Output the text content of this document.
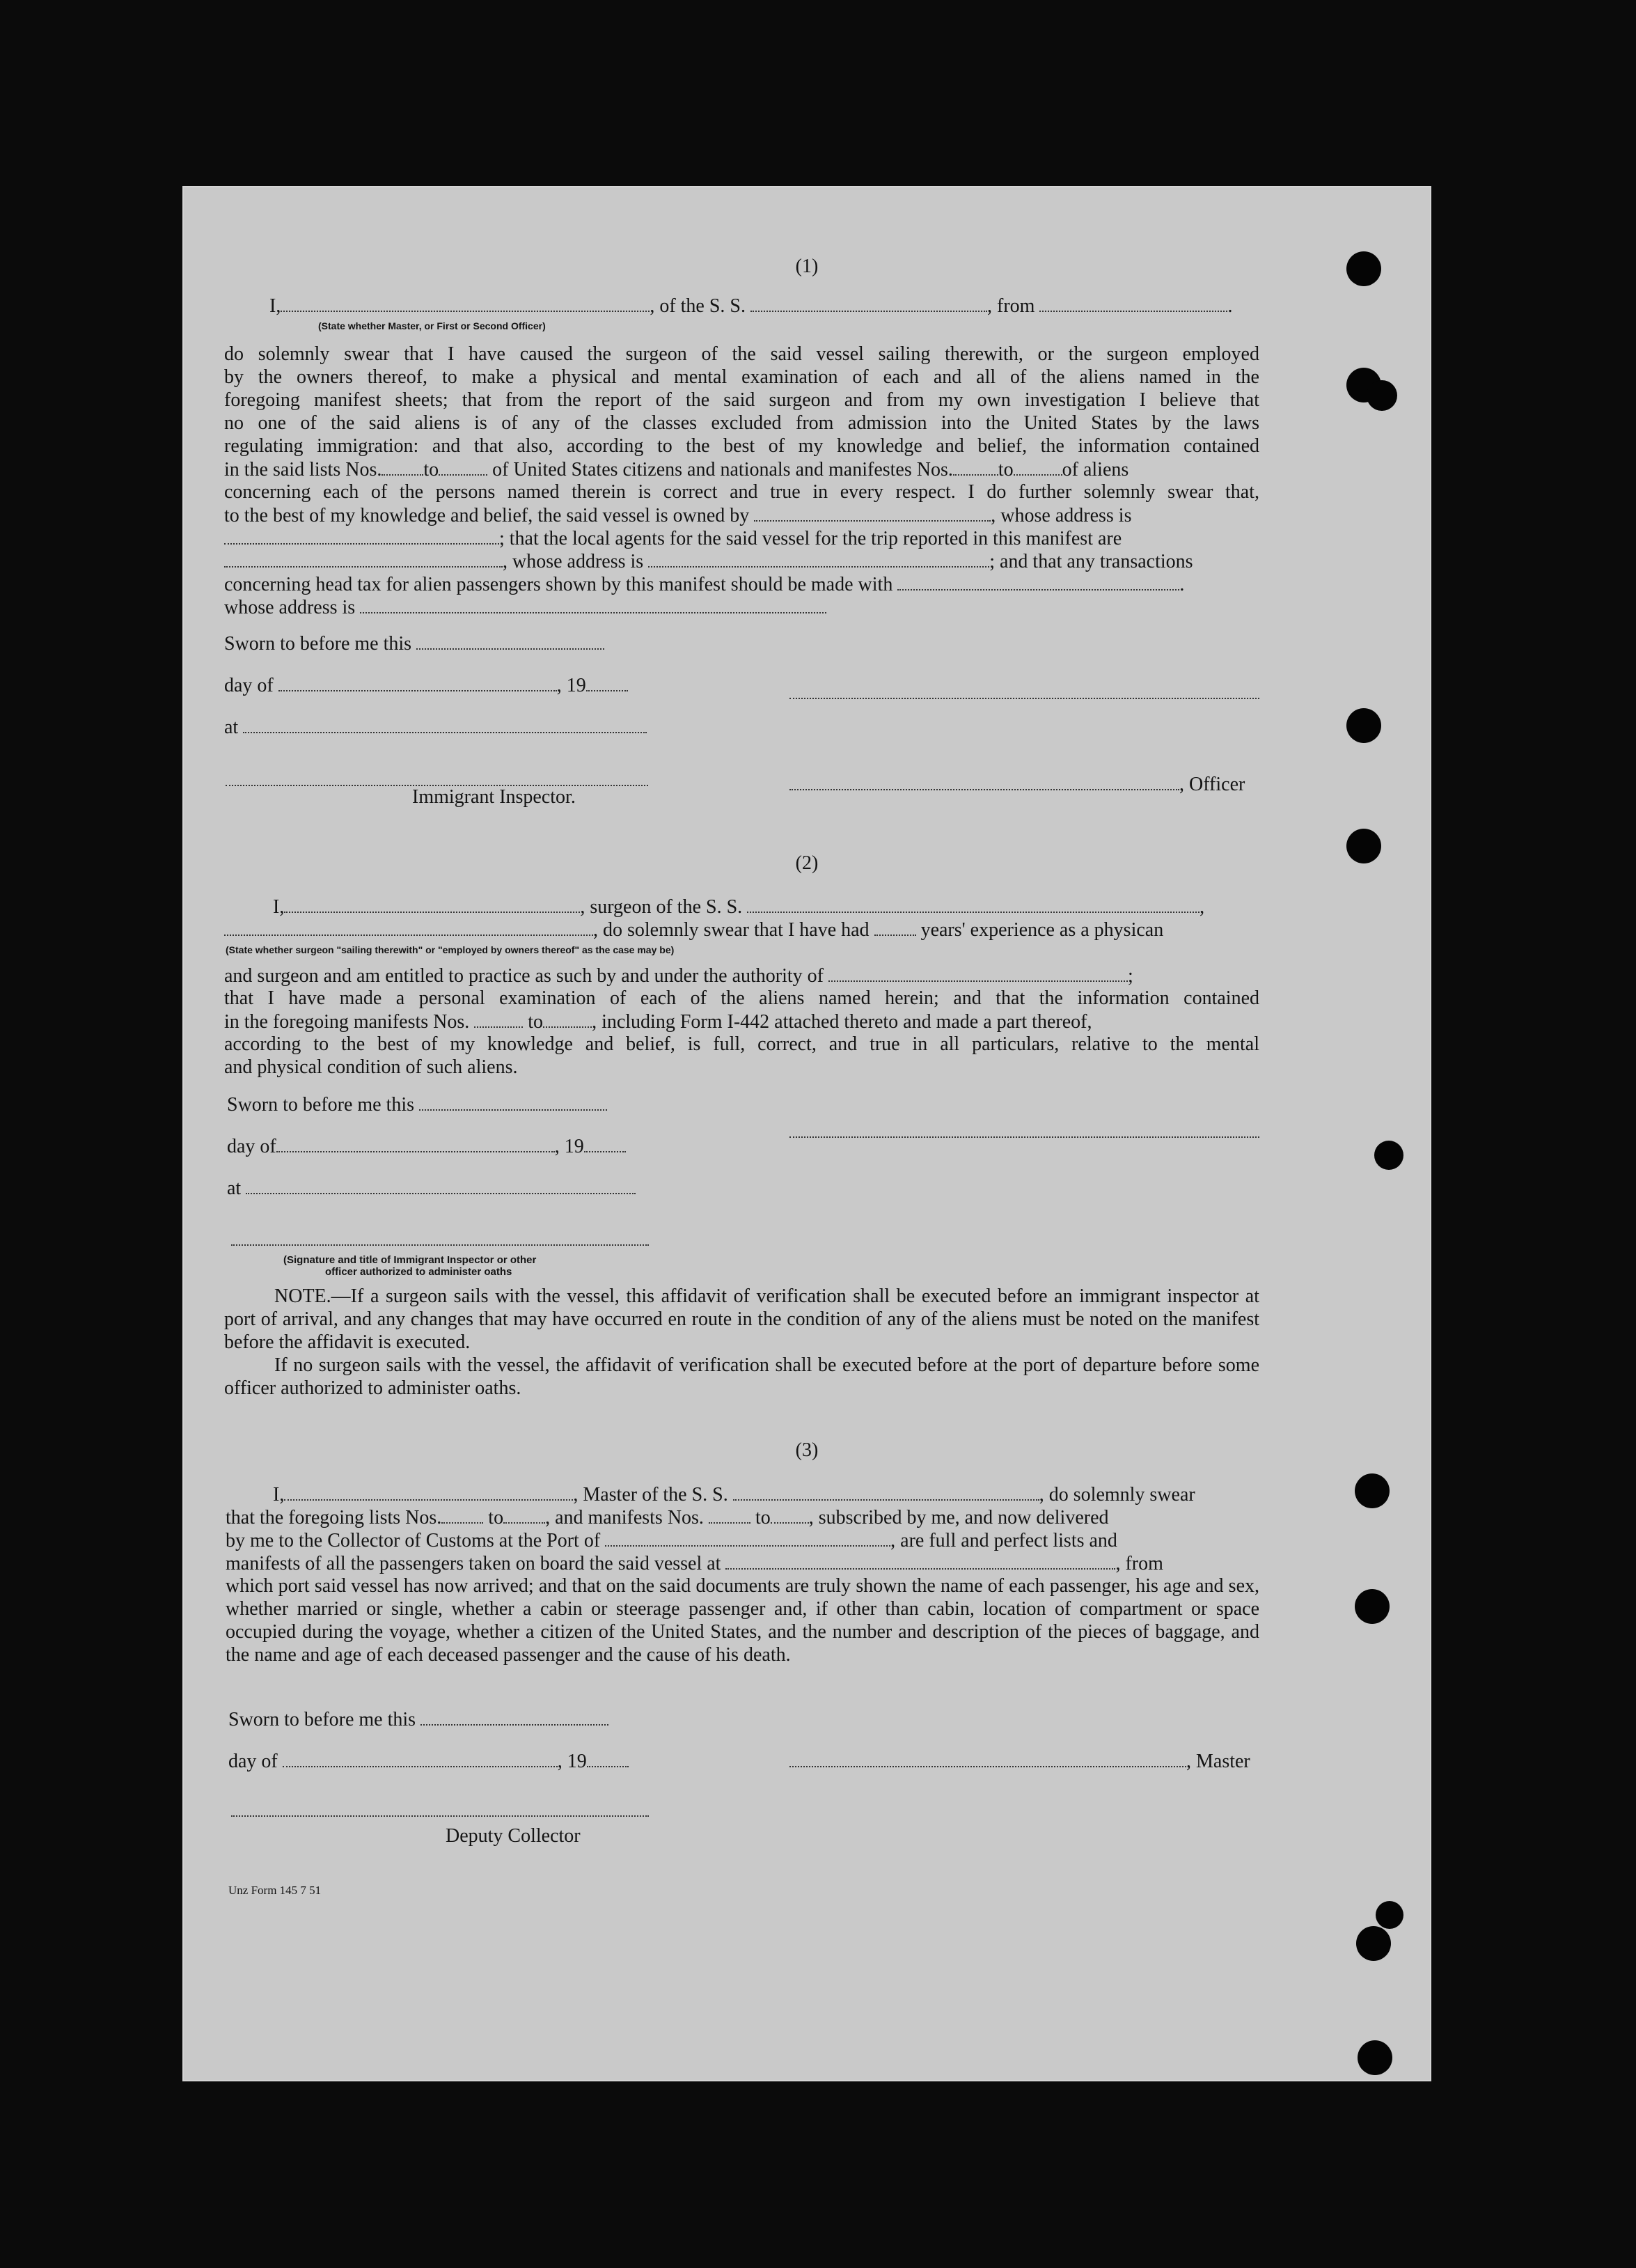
(1)
I,	, of the S. S.	, from	.
(State whether Master, or First or Second Officer)
do solemnly swear that I have caused the surgeon of the said vessel sailing therewith, or the surgeon employed
by the owners thereof, to make a physical and mental examination of each and all of the aliens named in the
foregoing manifest sheets; that from the report of the said surgeon and from my own investigation I believe that
no one of the said aliens is of any of the classes excluded from admission into the United States by the laws
regulating immigration: and that also, according to the best of my knowledge and belief, the information contained
in the said lists Nos. to	of United States citizens and nationals and manifestes Nos. to	of aliens
concerning each of the persons named therein is correct and true in every respect. I do further solemnly swear that,
to the best of my knowledge and belief, the said vessel is owned by	, whose address is
; that the local agents for the said vessel for the trip reported in this manifest are
, whose address is	; and that any transactions
concerning head tax for alien passengers shown by this manifest should be made with	.
whose address is
Sworn to before me this
day of	, 19
at
Immigrant Inspector.
, Officer
(2)
I,	, surgeon of the S. S.	,
, do solemnly swear that I have had	years' experience as a physican
(State whether surgeon "sailing therewith" or "employed by owners thereof" as the case may be)
and surgeon and am entitled to practice as such by and under the authority of	;
that I have made a personal examination of each of the aliens named herein; and that the information contained
in the foregoing manifests Nos.	to	, including Form I-442 attached thereto and made a part thereof,
according to the best of my knowledge and belief, is full, correct, and true in all particulars, relative to the mental
and physical condition of such aliens.
Sworn to before me this
day of	, 19
at
(Signature and title of Immigrant Inspector or other
officer authorized to administer oaths
NOTE.—If a surgeon sails with the vessel, this affidavit of verification shall be executed before an immigrant inspector at port of arrival, and any changes that may have occurred en route in the condition of any of the aliens must be noted on the manifest before the affidavit is executed.
If no surgeon sails with the vessel, the affidavit of verification shall be executed before at the port of departure before some officer authorized to administer oaths.
(3)
I,	, Master of the S. S.	, do solemnly swear
that the foregoing lists Nos. to , and manifests Nos.	to , subscribed by me, and now delivered
by me to the Collector of Customs at the Port of	, are full and perfect lists and
manifests of all the passengers taken on board the said vessel at	, from
which port said vessel has now arrived; and that on the said documents are truly shown the name of each passenger, his age and sex, whether married or single, whether a cabin or steerage passenger and, if other than cabin, location of compartment or space occupied during the voyage, whether a citizen of the United States, and the number and description of the pieces of baggage, and the name and age of each deceased passenger and the cause of his death.
Sworn to before me this
day of	, 19	, Master
Deputy Collector
Unz Form 145 7 51
